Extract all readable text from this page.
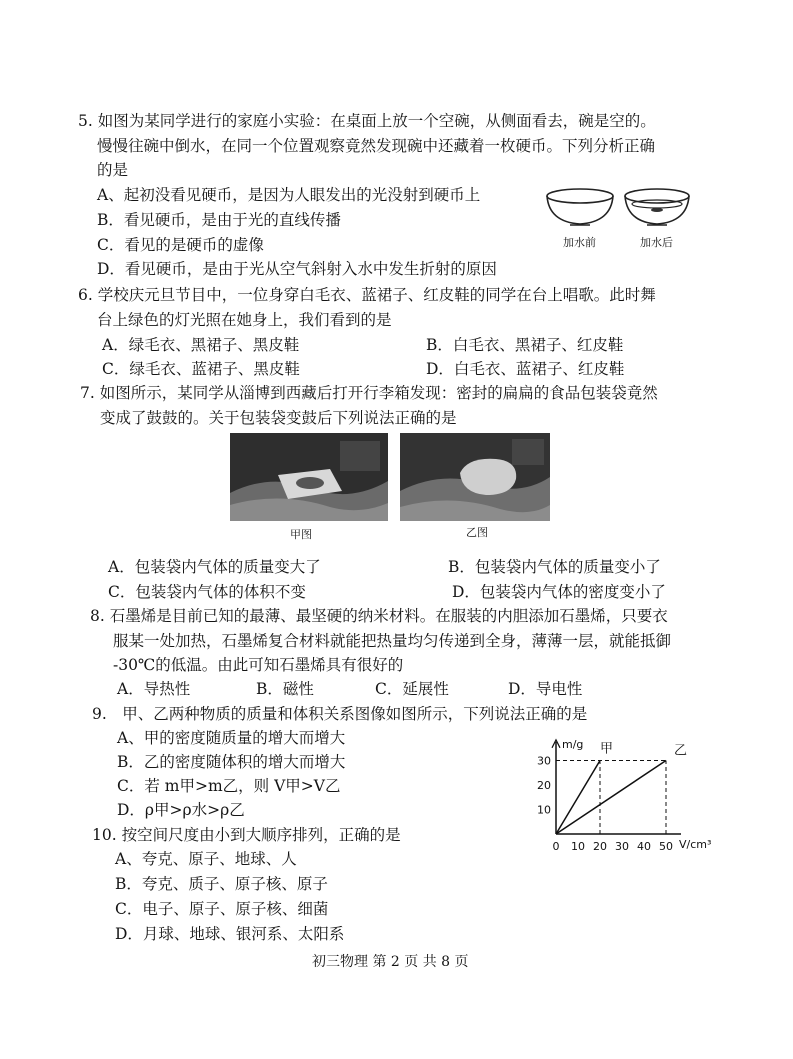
5. 如图为某同学进行的家庭小实验：在桌面上放一个空碗，从侧面看去，碗是空的。
慢慢往碗中倒水，在同一个位置观察竟然发现碗中还藏着一枚硬币。下列分析正确
的是
A、起初没看见硬币，是因为人眼发出的光没射到硬币上
B．看见硬币，是由于光的直线传播
C．看见的是硬币的虚像
D．看见硬币，是由于光从空气斜射入水中发生折射的原因
加水前	加水后
6. 学校庆元旦节目中，一位身穿白毛衣、蓝裙子、红皮鞋的同学在台上唱歌。此时舞
台上绿色的灯光照在她身上，我们看到的是
A．绿毛衣、黑裙子、黑皮鞋	B．白毛衣、黑裙子、红皮鞋
C．绿毛衣、蓝裙子、黑皮鞋	D．白毛衣、蓝裙子、红皮鞋
7. 如图所示，某同学从淄博到西藏后打开行李箱发现：密封的扁扁的食品包装袋竟然
变成了鼓鼓的。关于包装袋变鼓后下列说法正确的是
甲图	乙图
A．包装袋内气体的质量变大了	B．包装袋内气体的质量变小了
C．包装袋内气体的体积不变	D．包装袋内气体的密度变小了
8. 石墨烯是目前已知的最薄、最坚硬的纳米材料。在服装的内胆添加石墨烯，只要衣
服某一处加热，石墨烯复合材料就能把热量均匀传递到全身，薄薄一层，就能抵御
-30℃的低温。由此可知石墨烯具有很好的
A．导热性	B．磁性	C．延展性	D．导电性
9.　甲、乙两种物质的质量和体积关系图像如图所示，下列说法正确的是
A、甲的密度随质量的增大而增大
B．乙的密度随体积的增大而增大
C．若 m甲>m乙，则 V甲>V乙
D．ρ甲>ρ水>ρ乙
m/g
V/cm³
0 10 20 30 40 50
10
20
30
甲	乙
10. 按空间尺度由小到大顺序排列，正确的是
A、夸克、原子、地球、人
B．夸克、质子、原子核、原子
C．电子、原子、原子核、细菌
D．月球、地球、银河系、太阳系
初三物理 第 2 页 共 8 页
